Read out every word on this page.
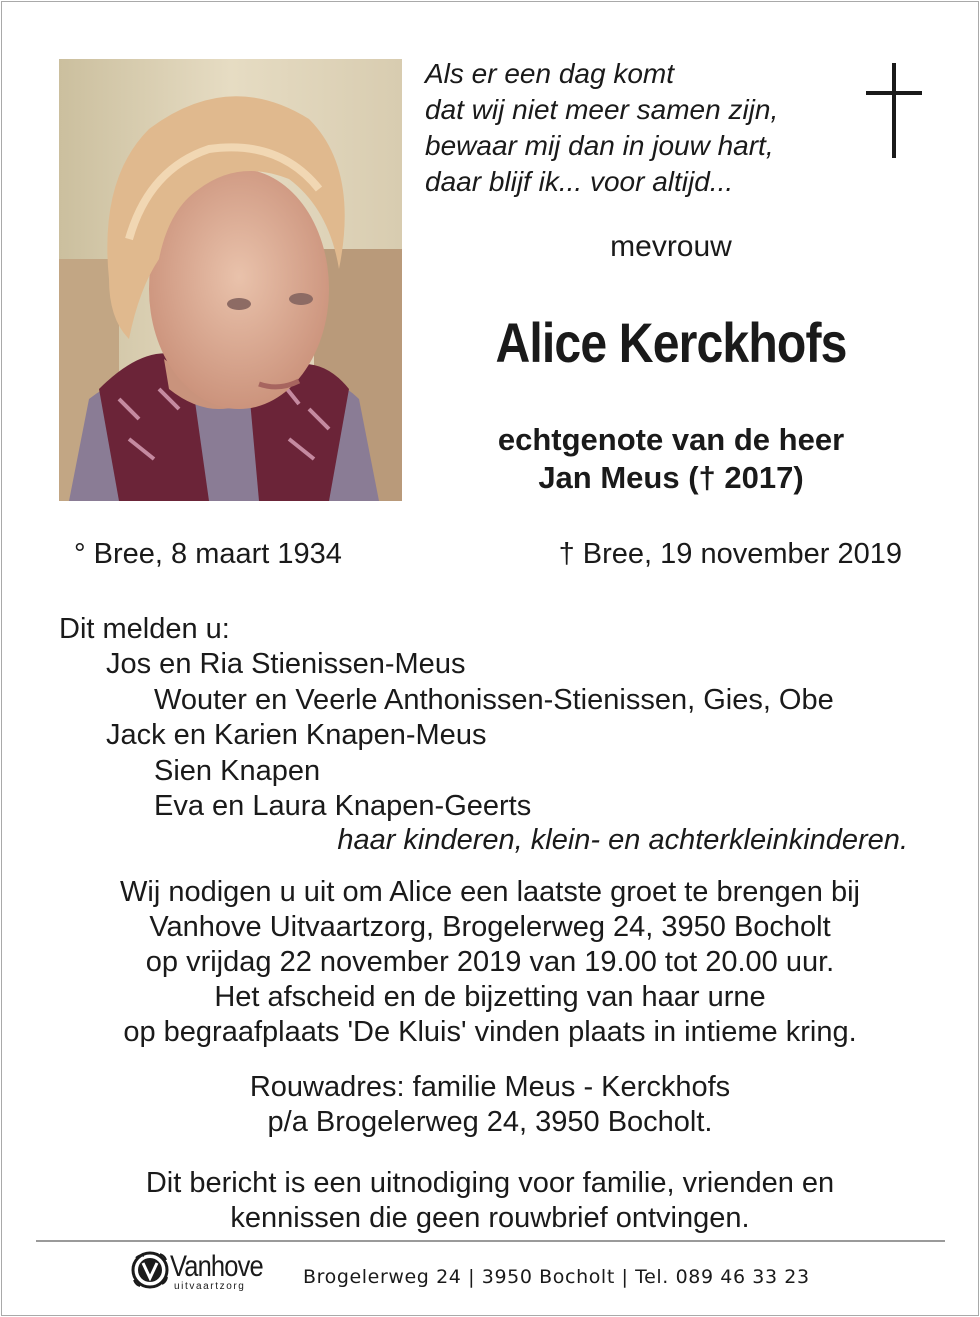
Als er een dag komt
dat wij niet meer samen zijn,
bewaar mij dan in jouw hart,
daar blijf ik... voor altijd...
mevrouw
Alice Kerckhofs
echtgenote van de heer
Jan Meus († 2017)
° Bree, 8 maart 1934	† Bree, 19 november 2019
Dit melden u:
Jos en Ria Stienissen-Meus
Wouter en Veerle Anthonissen-Stienissen, Gies, Obe
Jack en Karien Knapen-Meus
Sien Knapen
Eva en Laura Knapen-Geerts
haar kinderen, klein- en achterkleinkinderen.
Wij nodigen u uit om Alice een laatste groet te brengen bij
Vanhove Uitvaartzorg, Brogelerweg 24, 3950 Bocholt
op vrijdag 22 november 2019 van 19.00 tot 20.00 uur.
Het afscheid en de bijzetting van haar urne
op begraafplaats 'De Kluis' vinden plaats in intieme kring.
Rouwadres: familie Meus - Kerckhofs
p/a Brogelerweg 24, 3950 Bocholt.
Dit bericht is een uitnodiging voor familie, vrienden en
kennissen die geen rouwbrief ontvingen.
Vanhove
uitvaartzorg	Brogelerweg 24 | 3950 Bocholt | Tel. 089 46 33 23
